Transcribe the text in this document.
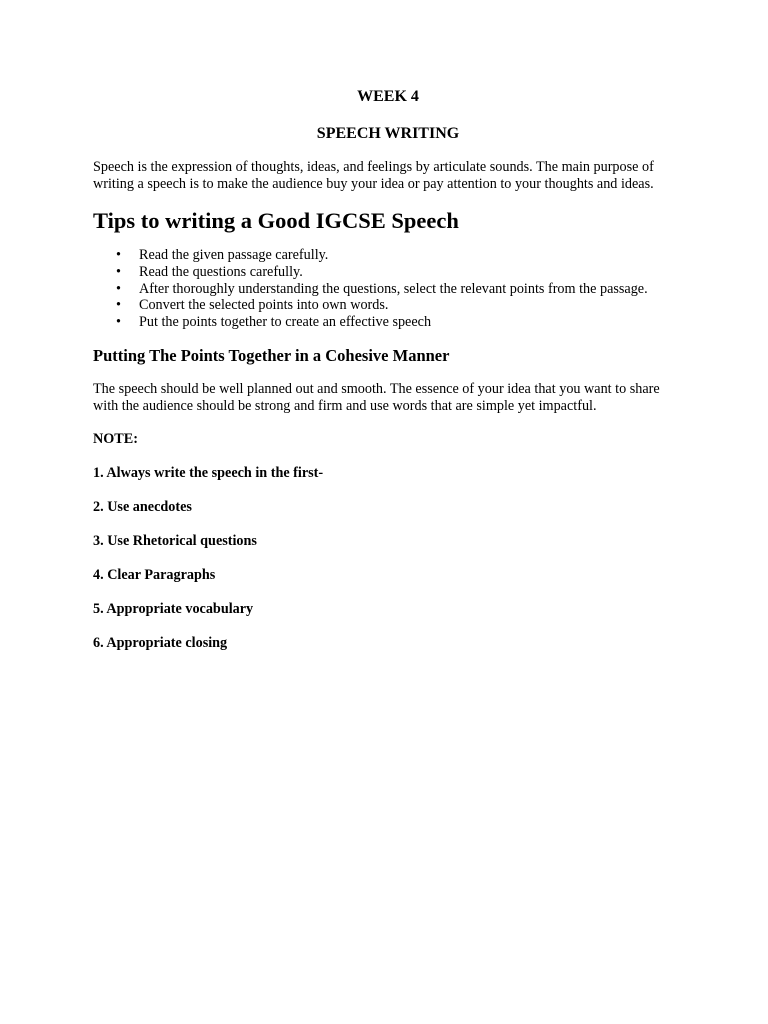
WEEK 4

SPEECH WRITING

Speech is the expression of thoughts, ideas, and feelings by articulate sounds. The main purpose of writing a speech is to make the audience buy your idea or pay attention to your thoughts and ideas.

Tips to writing a Good IGCSE Speech
• Read the given passage carefully.
• Read the questions carefully.
• After thoroughly understanding the questions, select the relevant points from the passage.
• Convert the selected points into own words.
• Put the points together to create an effective speech
Putting The Points Together in a Cohesive Manner

The speech should be well planned out and smooth. The essence of your idea that you want to share with the audience should be strong and firm and use words that are simple yet impactful.

NOTE:

1. Always write the speech in the first-

2. Use anecdotes

3. Use Rhetorical questions

4. Clear Paragraphs

5. Appropriate vocabulary

6. Appropriate closing
